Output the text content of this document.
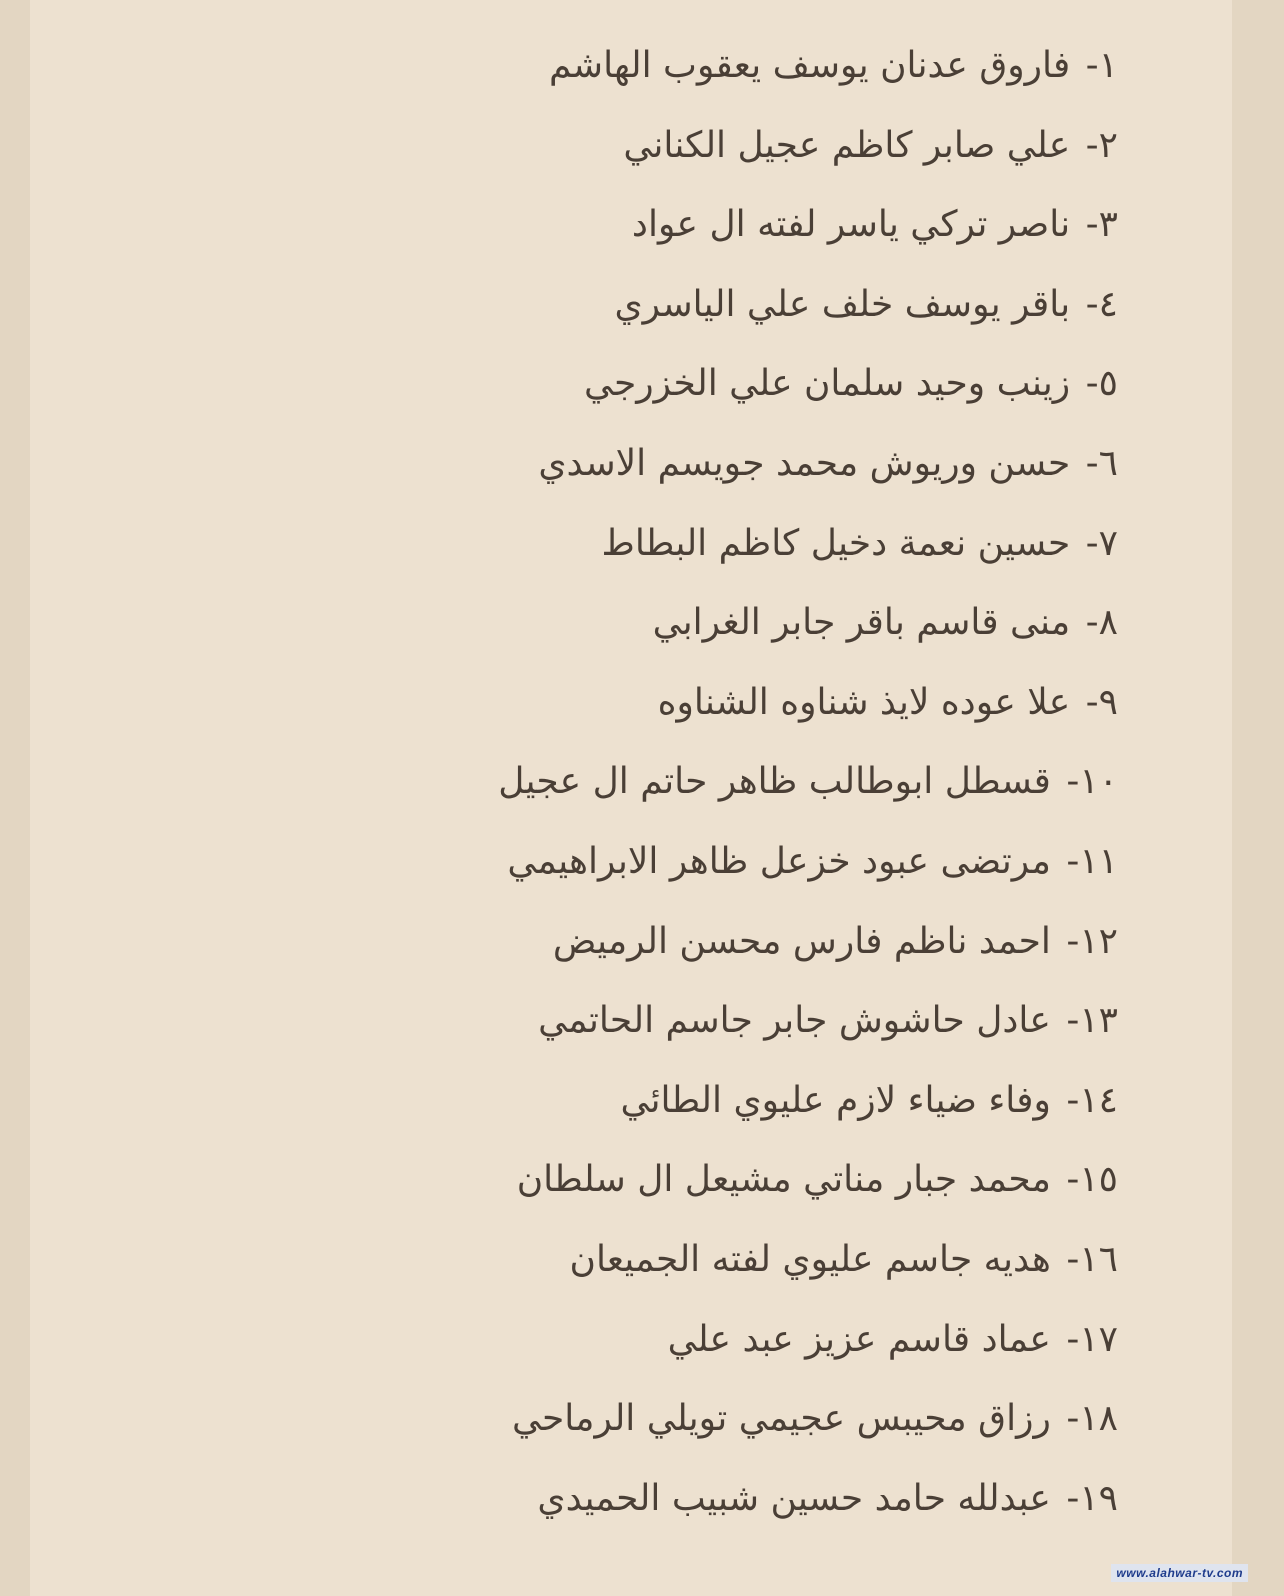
١- فاروق عدنان يوسف يعقوب الهاشم
٢- علي صابر كاظم عجيل الكناني
٣- ناصر تركي ياسر لفته ال عواد
٤- باقر يوسف خلف علي الياسري
٥- زينب وحيد سلمان علي الخزرجي
٦- حسن وريوش محمد جويسم الاسدي
٧- حسين نعمة دخيل كاظم البطاط
٨- منى قاسم باقر جابر الغرابي
٩- علا عوده لايذ شناوه الشناوه
١٠- قسطل ابوطالب ظاهر حاتم ال عجيل
١١- مرتضى عبود خزعل ظاهر الابراهيمي
١٢- احمد ناظم فارس محسن الرميض
١٣- عادل حاشوش جابر جاسم الحاتمي
١٤- وفاء ضياء لازم عليوي الطائي
١٥- محمد جبار مناتي مشيعل ال سلطان
١٦- هديه جاسم عليوي لفته الجميعان
١٧- عماد قاسم عزيز عبد علي
١٨- رزاق محيبس عجيمي تويلي الرماحي
١٩- عبدلله حامد حسين شبيب الحميدي
www.alahwar-tv.com
